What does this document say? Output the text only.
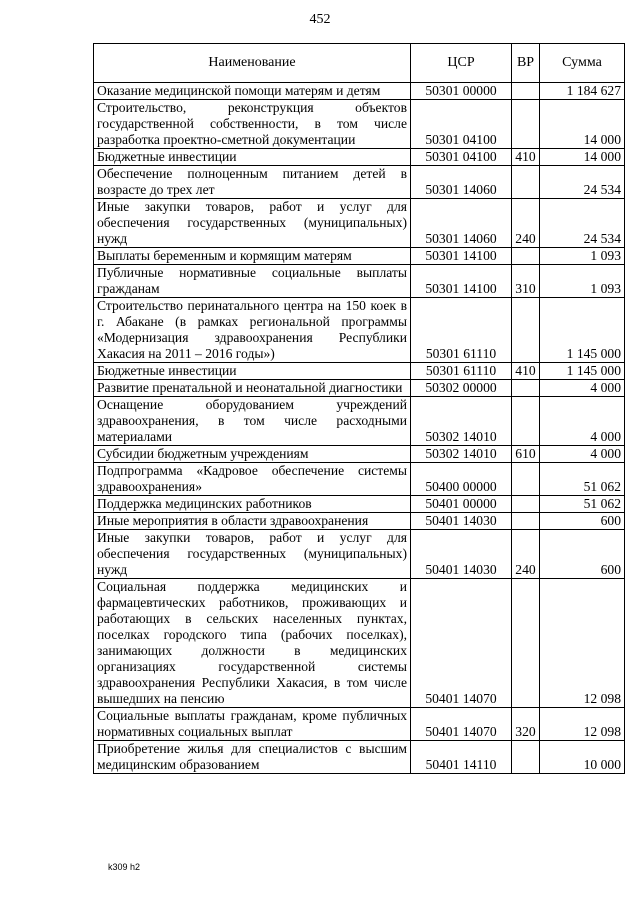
452
Наименование	ЦСР	ВР	Сумма
Оказание медицинской помощи матерям и детям	50301 00000		1 184 627
Строительство, реконструкция объектов государственной собственности, в том числе разработка проектно-сметной документации	50301 04100		14 000
Бюджетные инвестиции	50301 04100	410	14 000
Обеспечение полноценным питанием детей в возрасте до трех лет	50301 14060		24 534
Иные закупки товаров, работ и услуг для обеспечения государственных (муниципальных) нужд	50301 14060	240	24 534
Выплаты беременным и кормящим матерям	50301 14100		1 093
Публичные нормативные социальные выплаты гражданам	50301 14100	310	1 093
Строительство перинатального центра на 150 коек в г. Абакане (в рамках региональной программы «Модернизация здравоохранения Республики Хакасия на 2011 – 2016 годы»)	50301 61110		1 145 000
Бюджетные инвестиции	50301 61110	410	1 145 000
Развитие пренатальной и неонатальной диагностики	50302 00000		4 000
Оснащение оборудованием учреждений здравоохранения, в том числе расходными материалами	50302 14010		4 000
Субсидии бюджетным учреждениям	50302 14010	610	4 000
Подпрограмма «Кадровое обеспечение системы здравоохранения»	50400 00000		51 062
Поддержка медицинских работников	50401 00000		51 062
Иные мероприятия в области здравоохранения	50401 14030		600
Иные закупки товаров, работ и услуг для обеспечения государственных (муниципальных) нужд	50401 14030	240	600
Социальная поддержка медицинских и фармацевтических работников, проживающих и работающих в сельских населенных пунктах, поселках городского типа (рабочих поселках), занимающих должности в медицинских организациях государственной системы здравоохранения Республики Хакасия, в том числе вышедших на пенсию	50401 14070		12 098
Социальные выплаты гражданам, кроме публичных нормативных социальных выплат	50401 14070	320	12 098
Приобретение жилья для специалистов с высшим медицинским образованием	50401 14110		10 000
k309 h2
